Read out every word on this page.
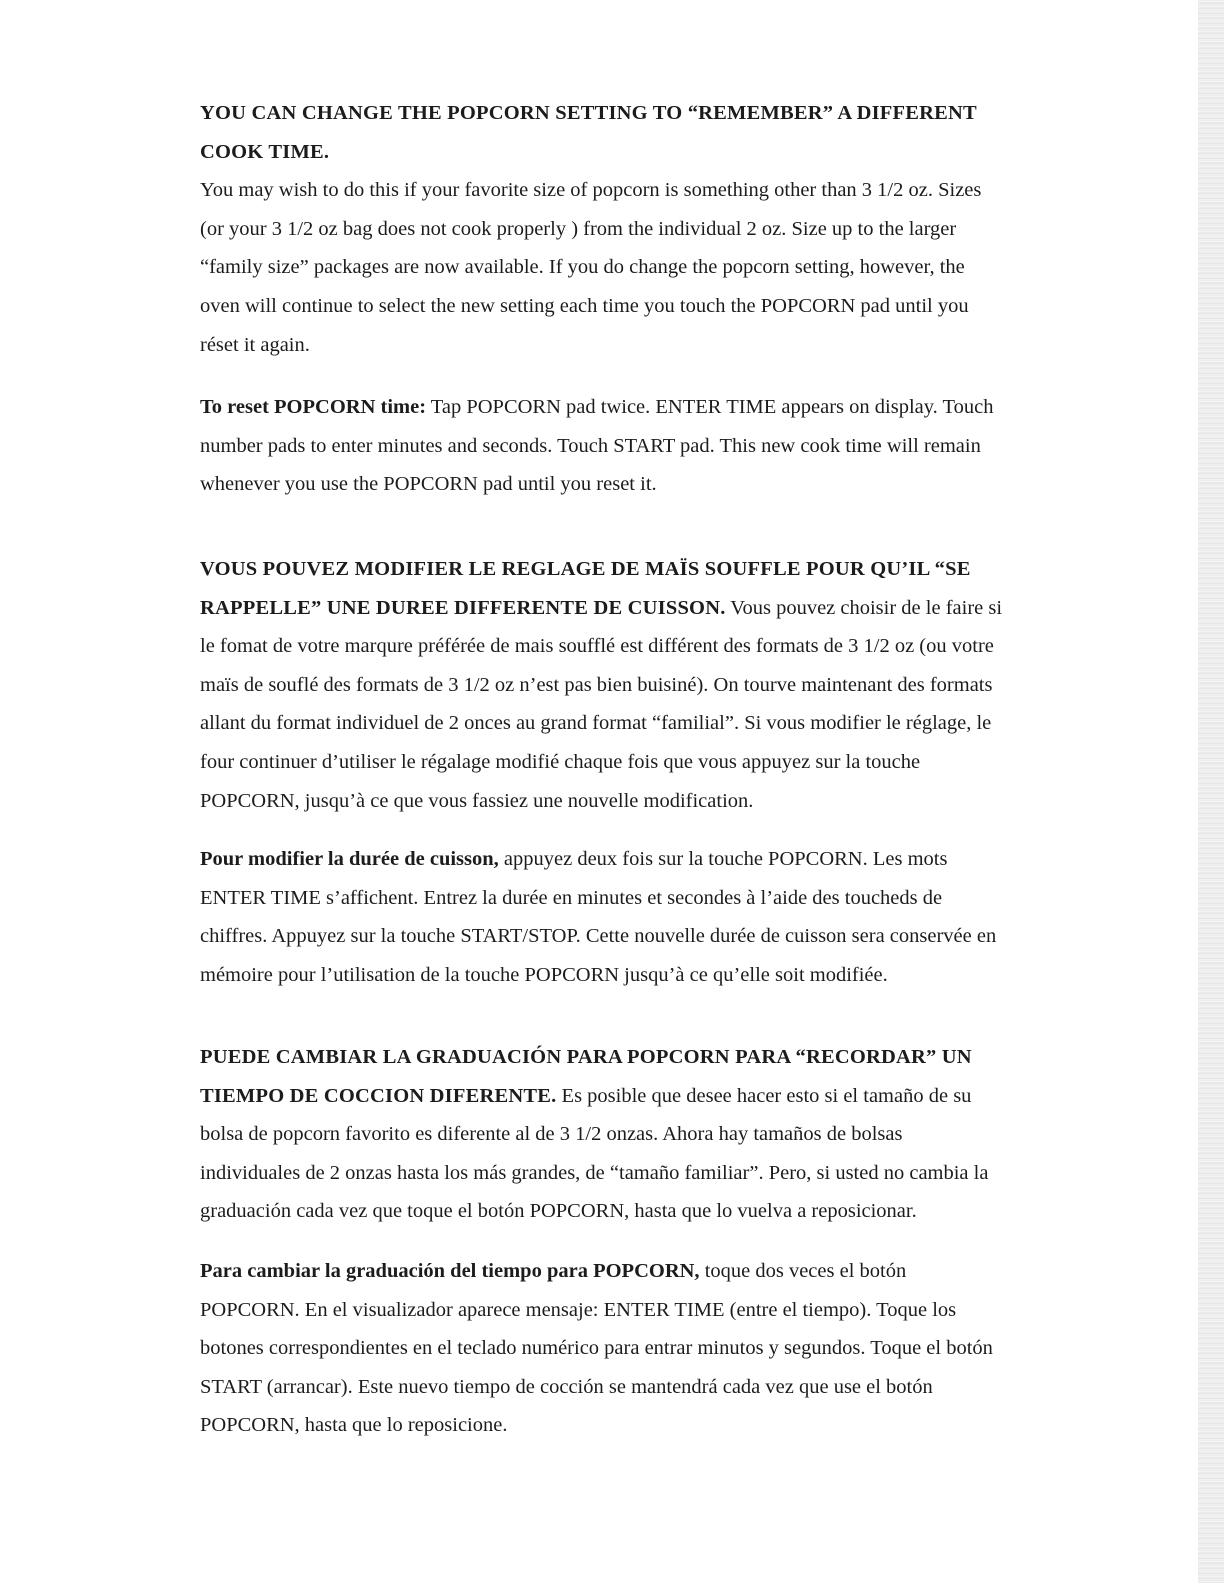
YOU CAN CHANGE THE POPCORN SETTING TO “REMEMBER” A DIFFERENT

COOK TIME.

You may wish to do this if your favorite size of popcorn is something other than 3 1/2 oz. Sizes

(or your 3 1/2 oz bag does not cook properly ) from the individual 2 oz. Size up to the larger

“family size” packages are now available. If you do change the popcorn setting, however, the

oven will continue to select the new setting each time you touch the POPCORN pad until you

réset it again.

To reset POPCORN time: Tap POPCORN pad twice. ENTER TIME appears on display. Touch

number pads to enter minutes and seconds. Touch START pad. This new cook time will remain

whenever you use the POPCORN pad until you reset it.

VOUS POUVEZ MODIFIER LE REGLAGE DE MAÏS SOUFFLE POUR QU’IL “SE

RAPPELLE” UNE DUREE DIFFERENTE DE CUISSON. Vous pouvez choisir de le faire si

le fomat de votre marqure préférée de mais soufflé est différent des formats de 3 1/2 oz (ou votre

maïs de souflé des formats de 3 1/2 oz n’est pas bien buisiné). On tourve maintenant des formats

allant du format individuel de 2 onces au grand format “familial”. Si vous modifier le réglage, le

four continuer d’utiliser le régalage modifié chaque fois que vous appuyez sur la touche

POPCORN, jusqu’à ce que vous fassiez une nouvelle modification.

Pour modifier la durée de cuisson, appuyez deux fois sur la touche POPCORN. Les mots

ENTER TIME s’affichent. Entrez la durée en minutes et secondes à l’aide des toucheds de

chiffres. Appuyez sur la touche START/STOP. Cette nouvelle durée de cuisson sera conservée en

mémoire pour l’utilisation de la touche POPCORN jusqu’à ce qu’elle soit modifiée.

PUEDE CAMBIAR LA GRADUACIÓN PARA POPCORN PARA “RECORDAR” UN

TIEMPO DE COCCION DIFERENTE. Es posible que desee hacer esto si el tamaño de su

bolsa de popcorn favorito es diferente al de 3 1/2 onzas. Ahora hay tamaños de bolsas

individuales de 2 onzas hasta los más grandes, de “tamaño familiar”. Pero, si usted no cambia la

graduación cada vez que toque el botón POPCORN, hasta que lo vuelva a reposicionar.

Para cambiar la graduación del tiempo para POPCORN, toque dos veces el botón

POPCORN. En el visualizador aparece mensaje: ENTER TIME (entre el tiempo). Toque los

botones correspondientes en el teclado numérico para entrar minutos y segundos. Toque el botón

START (arrancar). Este nuevo tiempo de cocción se mantendrá cada vez que use el botón

POPCORN, hasta que lo reposicione.
